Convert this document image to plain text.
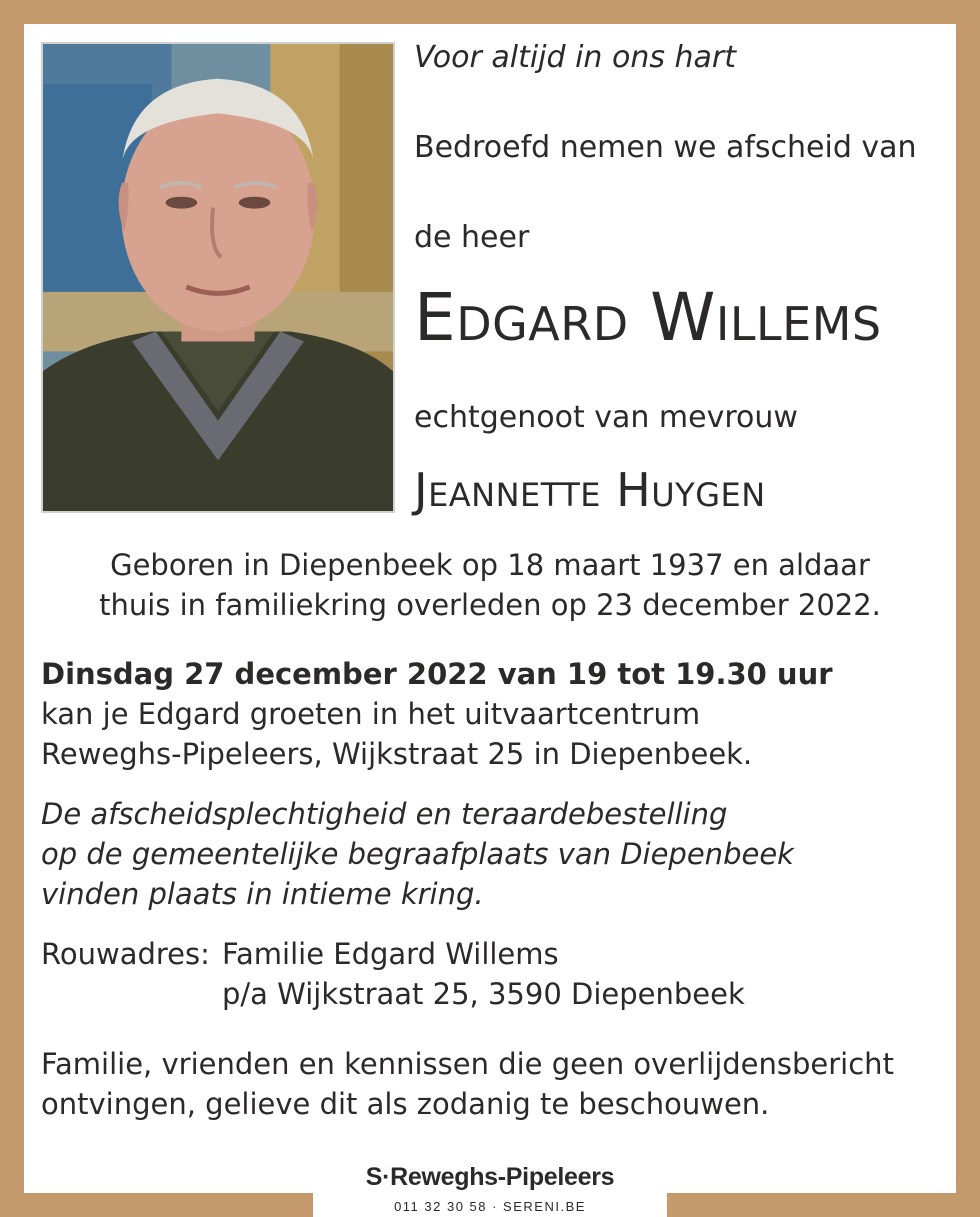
Voor altijd in ons hart
Bedroefd nemen we afscheid van
de heer
Edgard Willems
echtgenoot van mevrouw
Jeannette Huygen
Geboren in Diepenbeek op 18 maart 1937 en aldaar
thuis in familiekring overleden op 23 december 2022.
Dinsdag 27 december 2022 van 19 tot 19.30 uur
kan je Edgard groeten in het uitvaartcentrum
Reweghs-Pipeleers, Wijkstraat 25 in Diepenbeek.
De afscheidsplechtigheid en teraardebestelling
op de gemeentelijke begraafplaats van Diepenbeek
vinden plaats in intieme kring.
Rouwadres: Familie Edgard Willems
p/a Wijkstraat 25, 3590 Diepenbeek
Familie, vrienden en kennissen die geen overlijdensbericht
ontvingen, gelieve dit als zodanig te beschouwen.
S·Reweghs-Pipeleers
011 32 30 58 · SERENI.BE
